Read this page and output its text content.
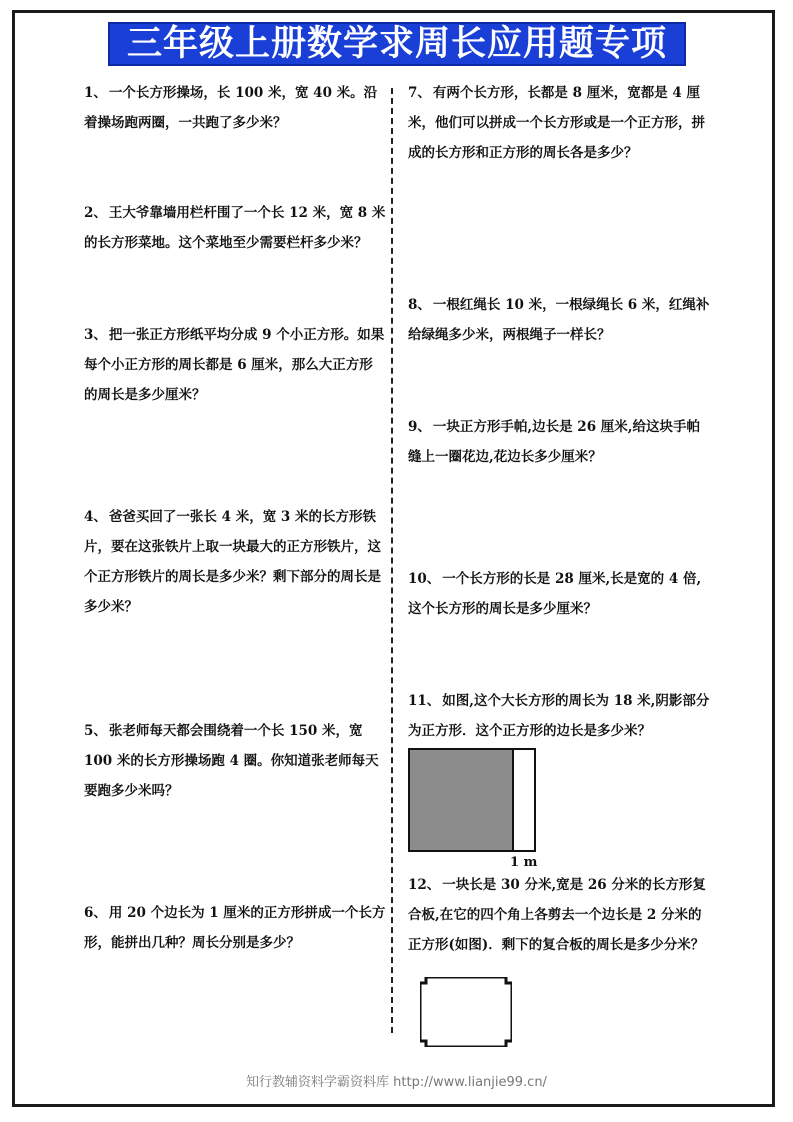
三年级上册数学求周长应用题专项
1、 一个长方形操场，长 100 米，宽 40 米。沿着操场跑两圈，一共跑了多少米？
2、 王大爷靠墙用栏杆围了一个长 12 米，宽 8 米的长方形菜地。这个菜地至少需要栏杆多少米？
3、 把一张正方形纸平均分成 9 个小正方形。如果每个小正方形的周长都是 6 厘米，那么大正方形的周长是多少厘米？
4、 爸爸买回了一张长 4 米，宽 3 米的长方形铁片，要在这张铁片上取一块最大的正方形铁片，这个正方形铁片的周长是多少米？剩下部分的周长是多少米？
5、 张老师每天都会围绕着一个长 150 米，宽 100 米的长方形操场跑 4 圈。你知道张老师每天要跑多少米吗？
6、 用 20 个边长为 1 厘米的正方形拼成一个长方形，能拼出几种？周长分别是多少？
7、 有两个长方形，长都是 8 厘米，宽都是 4 厘米，他们可以拼成一个长方形或是一个正方形，拼成的长方形和正方形的周长各是多少？
8、 一根红绳长 10 米，一根绿绳长 6 米，红绳补给绿绳多少米，两根绳子一样长？
9、 一块正方形手帕,边长是 26 厘米,给这块手帕缝上一圈花边,花边长多少厘米？
10、 一个长方形的长是 28 厘米,长是宽的 4 倍,这个长方形的周长是多少厘米？
11、 如图,这个大长方形的周长为 18 米,阴影部分为正方形．这个正方形的边长是多少米？
1 m
12、 一块长是 30 分米,宽是 26 分米的长方形复合板,在它的四个角上各剪去一个边长是 2 分米的正方形(如图)．剩下的复合板的周长是多少分米？
知行教辅资料学霸资料库 http://www.lianjie99.cn/
